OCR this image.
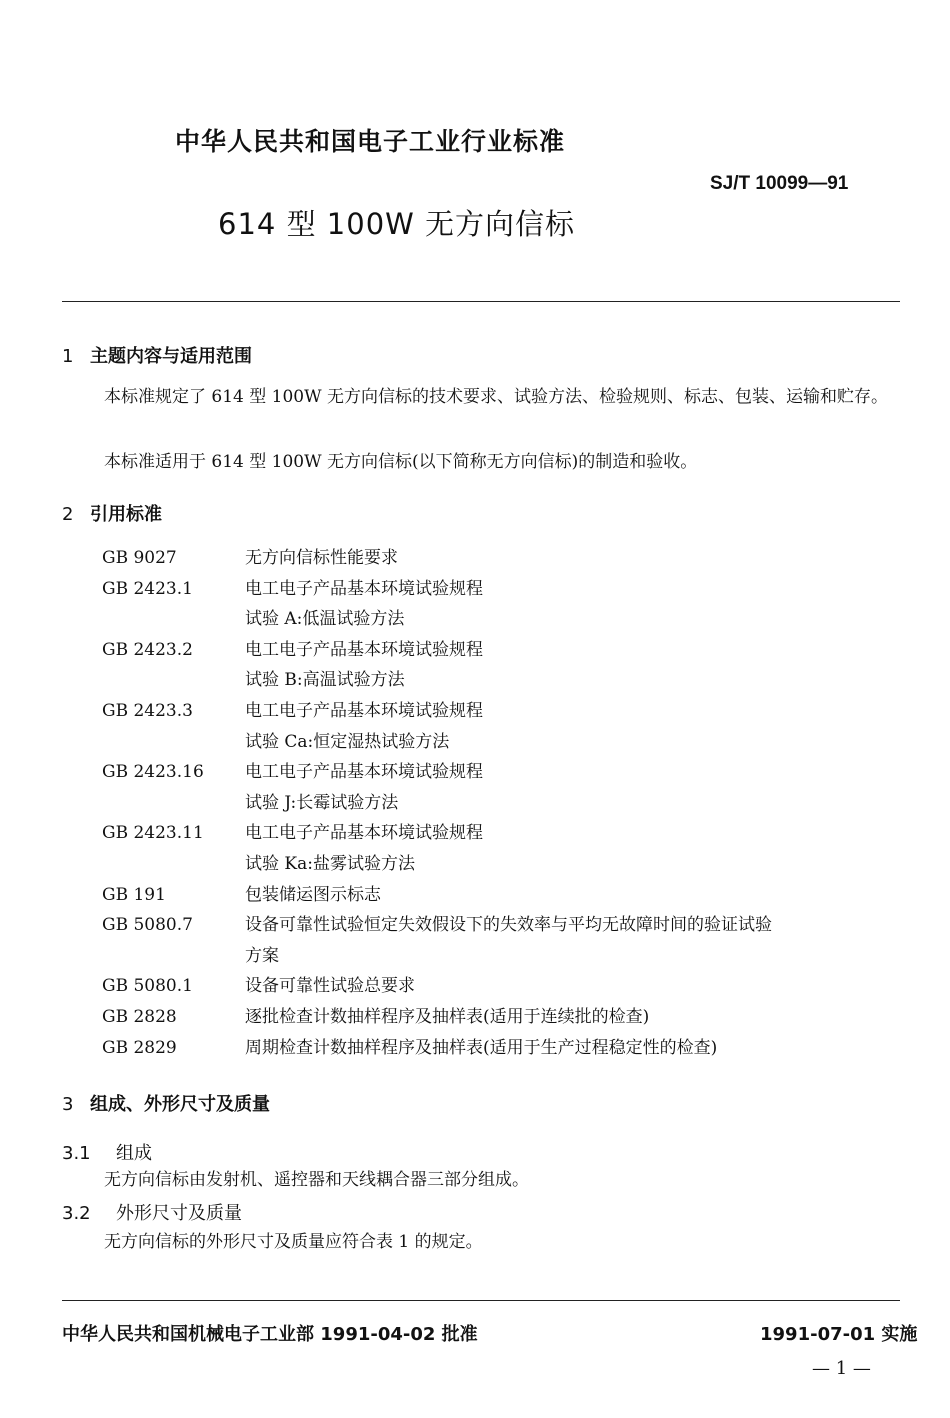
中华人民共和国电子工业行业标准
SJ/T 10099—91
614 型 100W 无方向信标
1 主题内容与适用范围
本标准规定了 614 型 100W 无方向信标的技术要求、试验方法、检验规则、标志、包装、运输和贮存。
本标准适用于 614 型 100W 无方向信标(以下简称无方向信标)的制造和验收。
2 引用标准
GB 9027	无方向信标性能要求
GB 2423.1	电工电子产品基本环境试验规程
试验 A:低温试验方法
GB 2423.2	电工电子产品基本环境试验规程
试验 B:高温试验方法
GB 2423.3	电工电子产品基本环境试验规程
试验 Ca:恒定湿热试验方法
GB 2423.16	电工电子产品基本环境试验规程
试验 J:长霉试验方法
GB 2423.11	电工电子产品基本环境试验规程
试验 Ka:盐雾试验方法
GB 191	包装储运图示标志
GB 5080.7	设备可靠性试验恒定失效假设下的失效率与平均无故障时间的验证试验
方案
GB 5080.1	设备可靠性试验总要求
GB 2828	逐批检查计数抽样程序及抽样表(适用于连续批的检查)
GB 2829	周期检查计数抽样程序及抽样表(适用于生产过程稳定性的检查)
3 组成、外形尺寸及质量
3.1 组成
无方向信标由发射机、遥控器和天线耦合器三部分组成。
3.2 外形尺寸及质量
无方向信标的外形尺寸及质量应符合表 1 的规定。
中华人民共和国机械电子工业部 1991-04-02 批准	1991-07-01 实施
— 1 —
